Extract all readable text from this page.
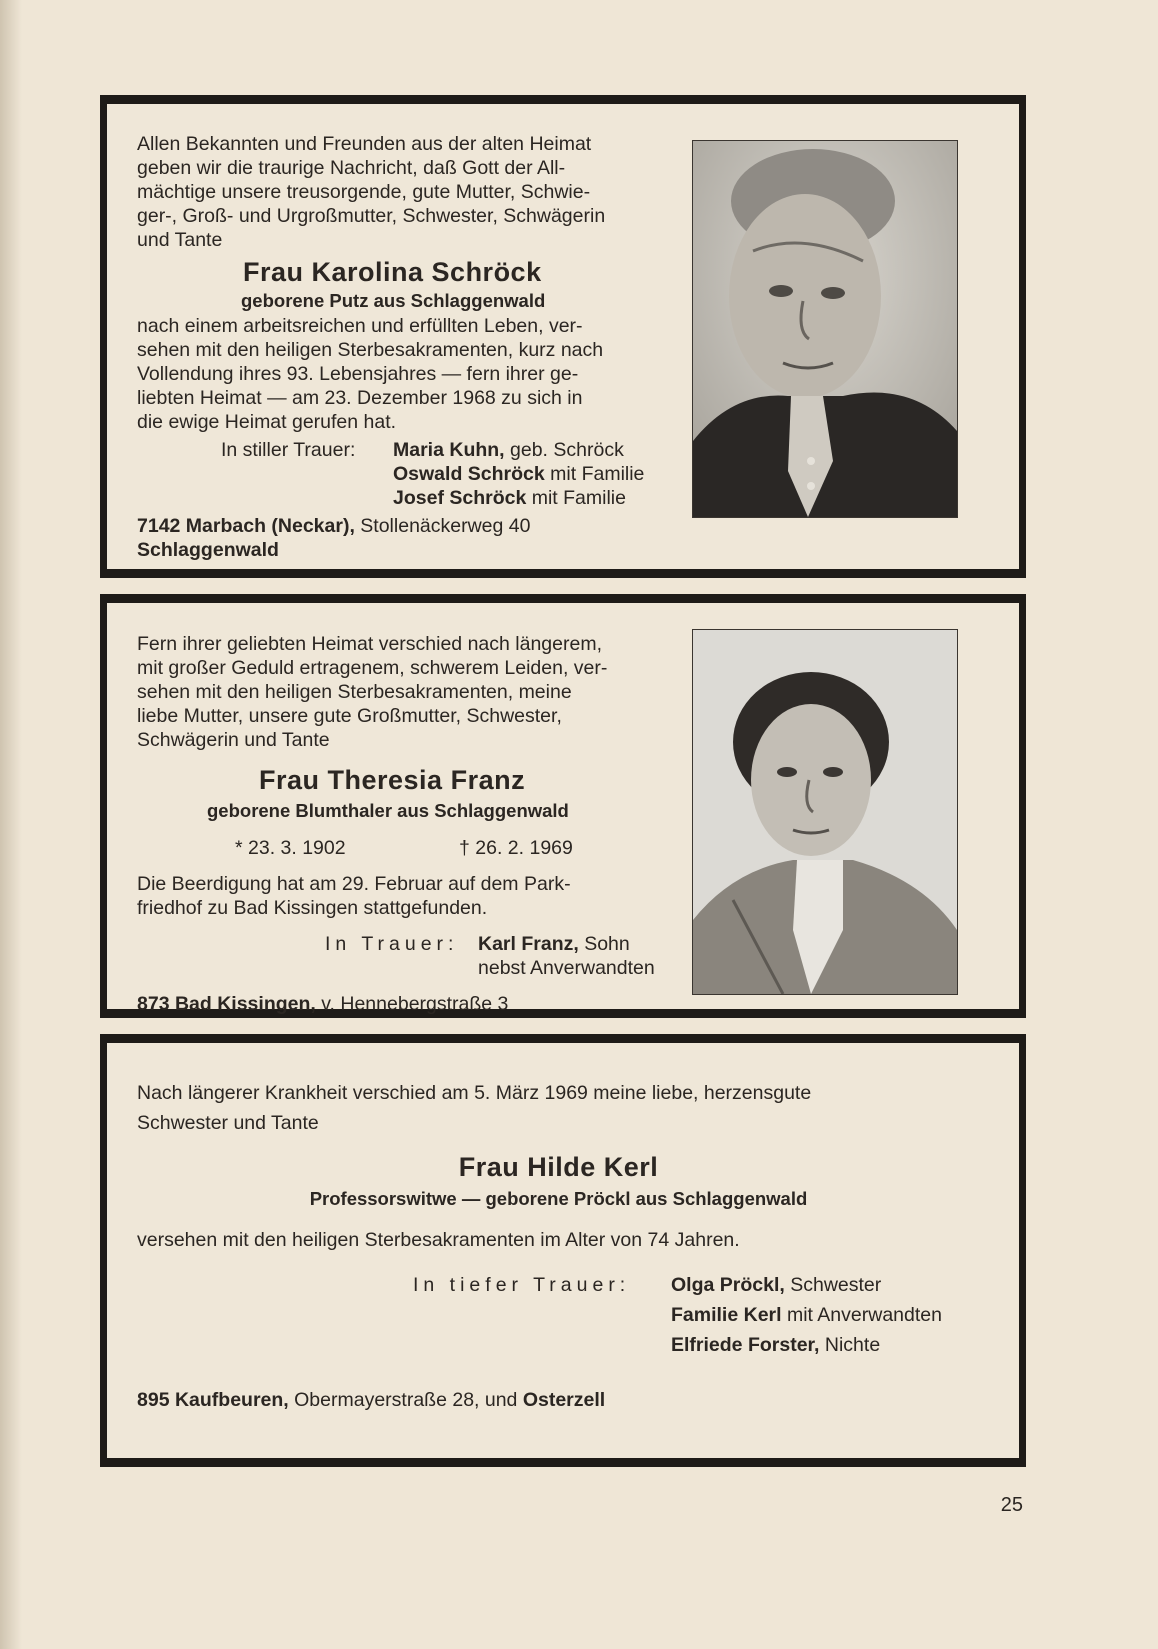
Allen Bekannten und Freunden aus der alten Heimat

geben wir die traurige Nachricht, daß Gott der All-

mächtige unsere treusorgende, gute Mutter, Schwie-

ger-, Groß- und Urgroßmutter, Schwester, Schwägerin

und Tante

Frau Karolina Schröck

geborene Putz aus Schlaggenwald

nach einem arbeitsreichen und erfüllten Leben, ver-

sehen mit den heiligen Sterbesakramenten, kurz nach

Vollendung ihres 93. Lebensjahres — fern ihrer ge-

liebten Heimat — am 23. Dezember 1968 zu sich in

die ewige Heimat gerufen hat.

In stiller Trauer:	Maria Kuhn, geb. Schröck
Oswald Schröck mit Familie
Josef Schröck mit Familie
7142 Marbach (Neckar), Stollenäckerweg 40
Schlaggenwald

Fern ihrer geliebten Heimat verschied nach längerem,

mit großer Geduld ertragenem, schwerem Leiden, ver-

sehen mit den heiligen Sterbesakramenten, meine

liebe Mutter, unsere gute Großmutter, Schwester,

Schwägerin und Tante

Frau Theresia Franz

geborene Blumthaler aus Schlaggenwald

* 23. 3. 1902	† 26. 2. 1969

Die Beerdigung hat am 29. Februar auf dem Park-

friedhof zu Bad Kissingen stattgefunden.

In Trauer:	Karl Franz, Sohn
nebst Anverwandten
873 Bad Kissingen, v. Hennebergstraße 3

Nach längerer Krankheit verschied am 5. März 1969 meine liebe, herzensgute

Schwester und Tante

Frau Hilde Kerl

Professorswitwe — geborene Pröckl aus Schlaggenwald

versehen mit den heiligen Sterbesakramenten im Alter von 74 Jahren.

In tiefer Trauer:	Olga Pröckl, Schwester
Familie Kerl mit Anverwandten
Elfriede Forster, Nichte
895 Kaufbeuren, Obermayerstraße 28, und Osterzell
25
